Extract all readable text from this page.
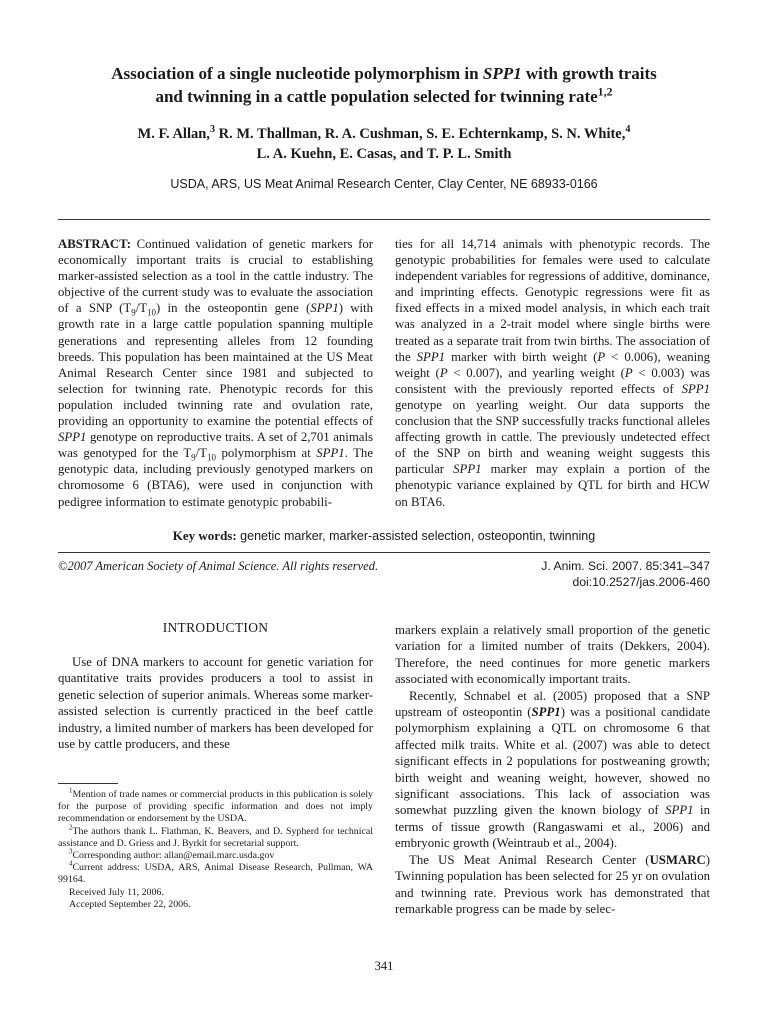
Association of a single nucleotide polymorphism in SPP1 with growth traits
and twinning in a cattle population selected for twinning rate$^{1,2}$
M. F. Allan,$^3$ R. M. Thallman, R. A. Cushman, S. E. Echternkamp, S. N. White,$^4$
L. A. Kuehn, E. Casas, and T. P. L. Smith
USDA, ARS, US Meat Animal Research Center, Clay Center, NE 68933-0166

ABSTRACT: Continued validation of genetic markers for economically important traits is crucial to establishing marker-assisted selection as a tool in the cattle industry. The objective of the current study was to evaluate the association of a SNP $(T_9/T_{10})$ in the osteopontin gene (SPP1) with growth rate in a large cattle population spanning multiple generations and representing alleles from 12 founding breeds. This population has been maintained at the US Meat Animal Research Center since 1981 and subjected to selection for twinning rate. Phenotypic records for this population included twinning rate and ovulation rate, providing an opportunity to examine the potential effects of SPP1 genotype on reproductive traits. A set of 2,701 animals was genotyped for the $T_9/T_{10}$ polymorphism at SPP1. The genotypic data, including previously genotyped markers on chromosome 6 (BTA6), were used in conjunction with pedigree information to estimate genotypic probabili-

ties for all 14,714 animals with phenotypic records. The genotypic probabilities for females were used to calculate independent variables for regressions of additive, dominance, and imprinting effects. Genotypic regressions were fit as fixed effects in a mixed model analysis, in which each trait was analyzed in a 2-trait model where single births were treated as a separate trait from twin births. The association of the SPP1 marker with birth weight (P < 0.006), weaning weight (P < 0.007), and yearling weight (P < 0.003) was consistent with the previously reported effects of SPP1 genotype on yearling weight. Our data supports the conclusion that the SNP successfully tracks functional alleles affecting growth in cattle. The previously undetected effect of the SNP on birth and weaning weight suggests this particular SPP1 marker may explain a portion of the phenotypic variance explained by QTL for birth and HCW on BTA6.

Key words: genetic marker, marker-assisted selection, osteopontin, twinning
©2007 American Society of Animal Science. All rights reserved.	J. Anim. Sci. 2007. 85:341–347
doi:10.2527/jas.2006-460
INTRODUCTION

Use of DNA markers to account for genetic variation for quantitative traits provides producers a tool to assist in genetic selection of superior animals. Whereas some marker-assisted selection is currently practiced in the beef cattle industry, a limited number of markers has been developed for use by cattle producers, and these

markers explain a relatively small proportion of the genetic variation for a limited number of traits (Dekkers, 2004). Therefore, the need continues for more genetic markers associated with economically important traits.

Recently, Schnabel et al. (2005) proposed that a SNP upstream of osteopontin (SPP1) was a positional candidate polymorphism explaining a QTL on chromosome 6 that affected milk traits. White et al. (2007) was able to detect significant effects in 2 populations for postweaning growth; birth weight and weaning weight, however, showed no significant associations. This lack of association was somewhat puzzling given the known biology of SPP1 in terms of tissue growth (Rangaswami et al., 2006) and embryonic growth (Weintraub et al., 2004).

The US Meat Animal Research Center (USMARC) Twinning population has been selected for 25 yr on ovulation and twinning rate. Previous work has demonstrated that remarkable progress can be made by selec-

$^1$Mention of trade names or commercial products in this publication is solely for the purpose of providing specific information and does not imply recommendation or endorsement by the USDA.

$^2$The authors thank L. Flathman, K. Beavers, and D. Sypherd for technical assistance and D. Griess and J. Byrkit for secretarial support.

$^3$Corresponding author: allan@email.marc.usda.gov

$^4$Current address: USDA, ARS, Animal Disease Research, Pullman, WA 99164.

Received July 11, 2006.

Accepted September 22, 2006.

341
